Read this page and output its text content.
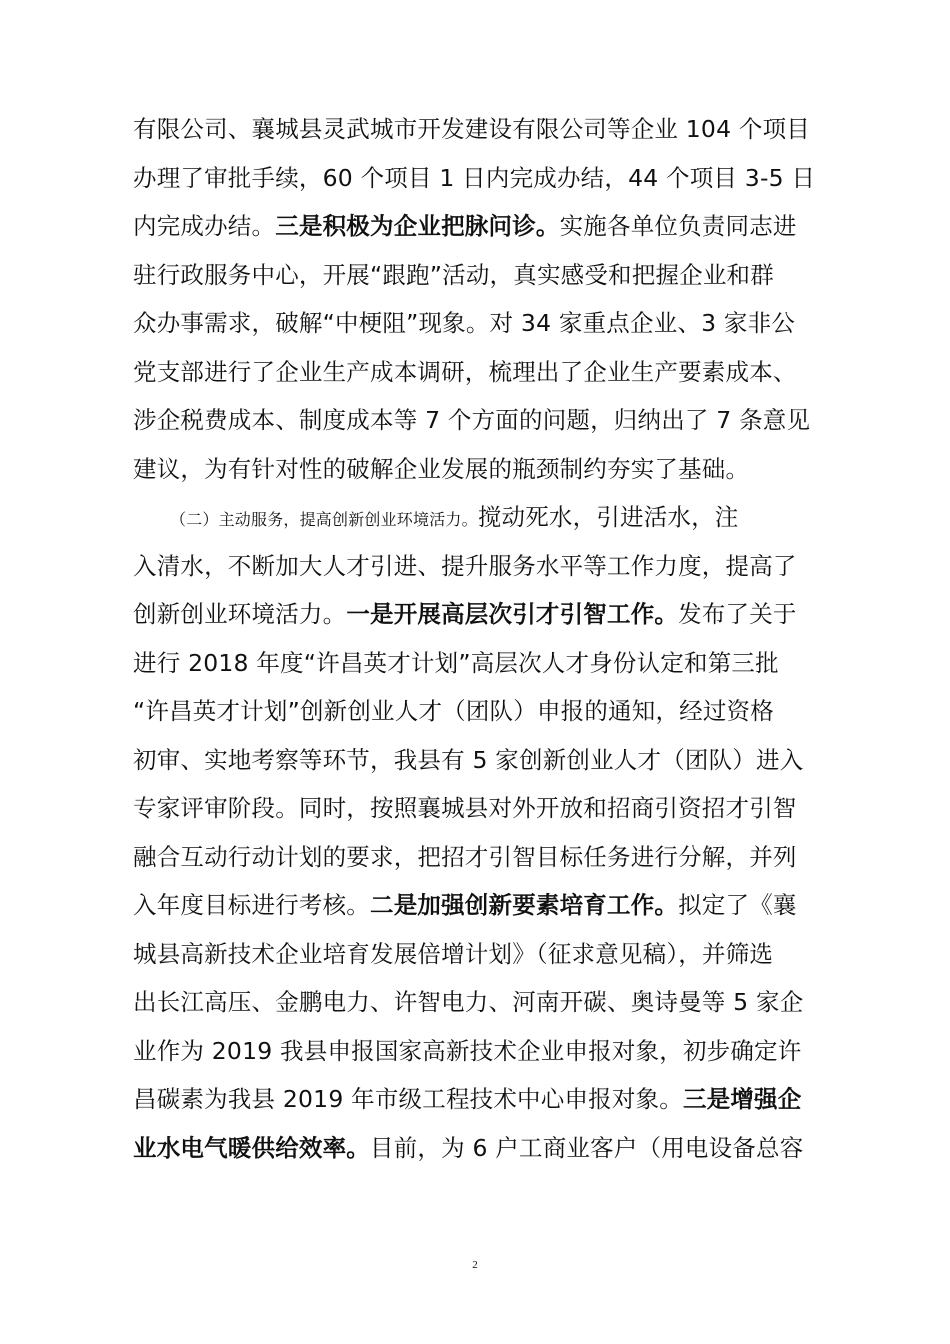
有限公司、襄城县灵武城市开发建设有限公司等企业 104 个项目
办理了审批手续，60 个项目 1 日内完成办结，44 个项目 3-5 日
内完成办结。三是积极为企业把脉问诊。实施各单位负责同志进
驻行政服务中心，开展“跟跑”活动，真实感受和把握企业和群
众办事需求，破解“中梗阻”现象。对 34 家重点企业、3 家非公
党支部进行了企业生产成本调研，梳理出了企业生产要素成本、
涉企税费成本、制度成本等 7 个方面的问题，归纳出了 7 条意见
建议，为有针对性的破解企业发展的瓶颈制约夯实了基础。
（二）主动服务，提高创新创业环境活力。搅动死水，引进活水，注
入清水，不断加大人才引进、提升服务水平等工作力度，提高了
创新创业环境活力。一是开展高层次引才引智工作。发布了关于
进行 2018 年度“许昌英才计划”高层次人才身份认定和第三批
“许昌英才计划”创新创业人才（团队）申报的通知，经过资格
初审、实地考察等环节，我县有 5 家创新创业人才（团队）进入
专家评审阶段。同时，按照襄城县对外开放和招商引资招才引智
融合互动行动计划的要求，把招才引智目标任务进行分解，并列
入年度目标进行考核。二是加强创新要素培育工作。拟定了《襄
城县高新技术企业培育发展倍增计划》（征求意见稿），并筛选
出长江高压、金鹏电力、许智电力、河南开碳、奥诗曼等 5 家企
业作为 2019 我县申报国家高新技术企业申报对象，初步确定许
昌碳素为我县 2019 年市级工程技术中心申报对象。三是增强企
业水电气暖供给效率。目前，为 6 户工商业客户（用电设备总容
2
